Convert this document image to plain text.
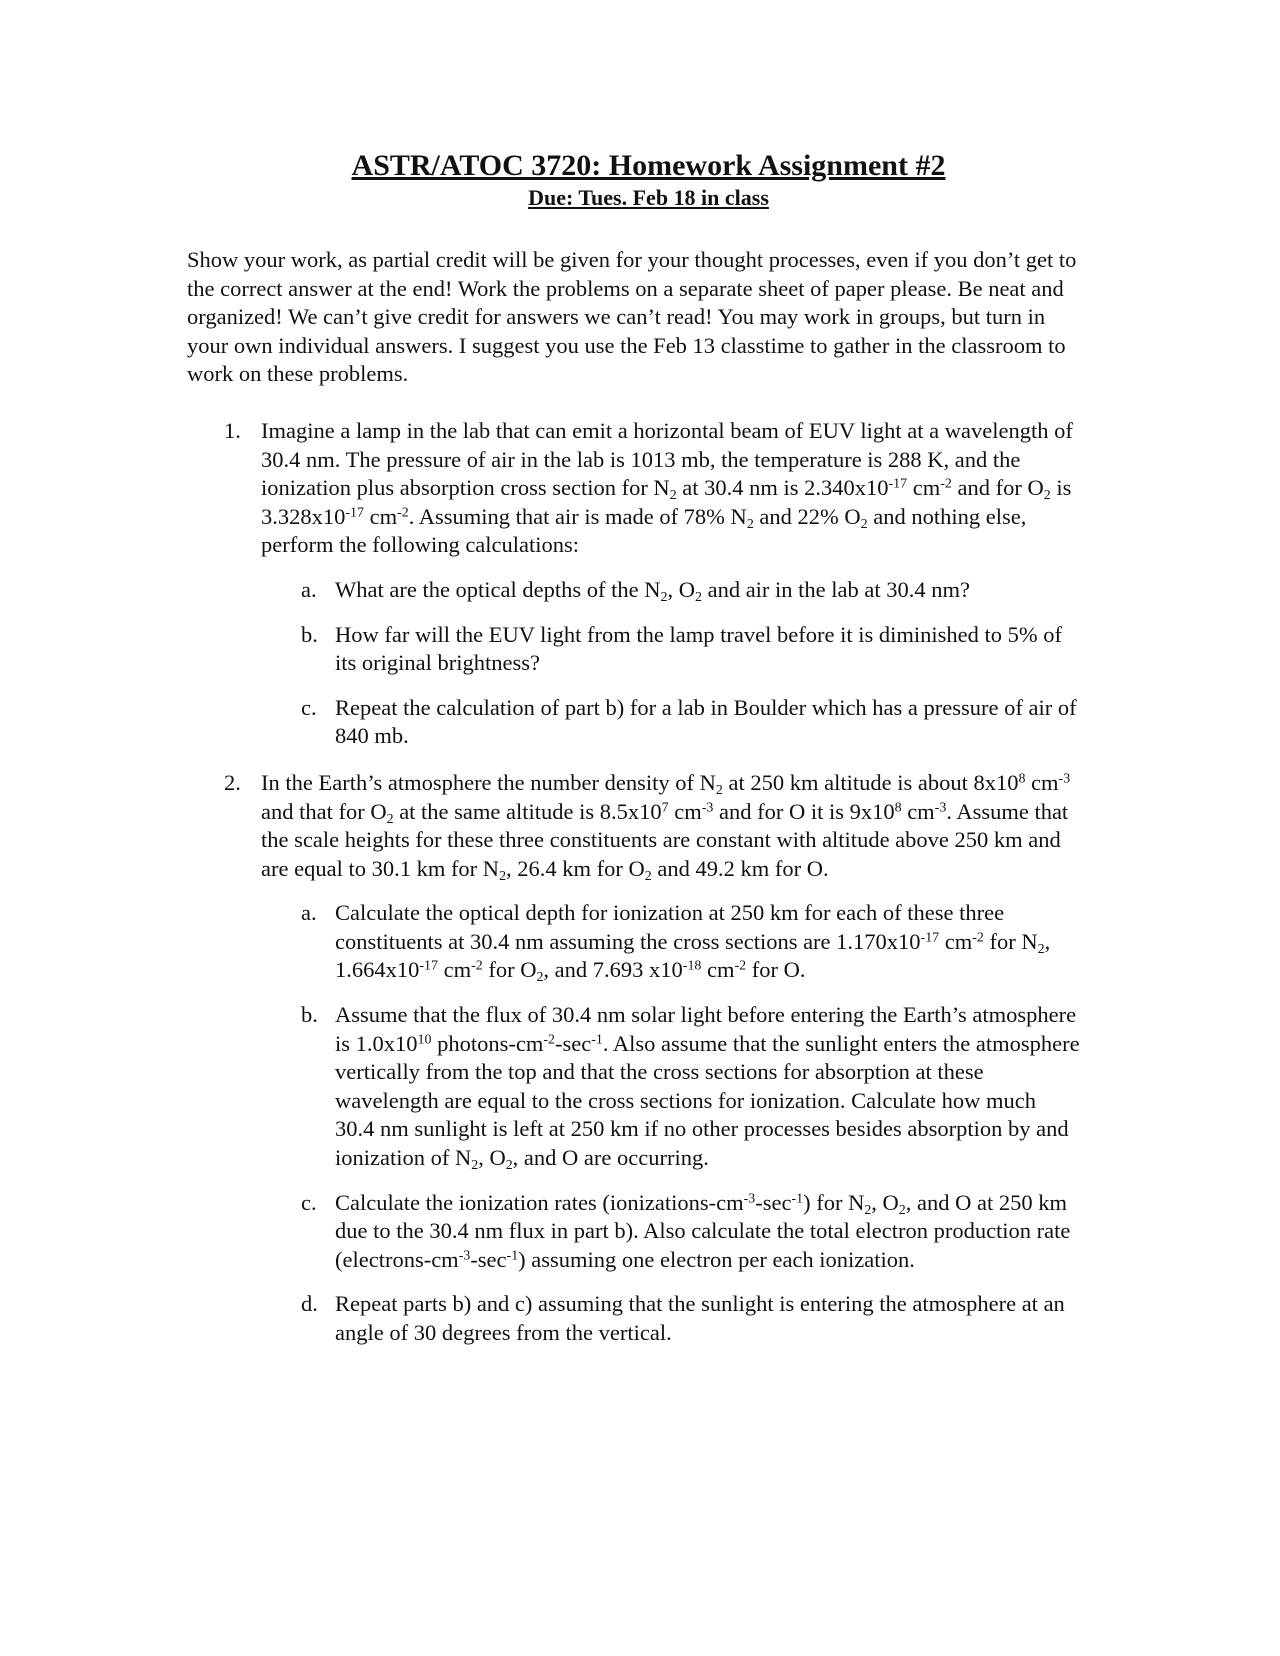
ASTR/ATOC 3720: Homework Assignment #2

Due: Tues. Feb 18 in class

Show your work, as partial credit will be given for your thought processes, even if you don’t get to the correct answer at the end! Work the problems on a separate sheet of paper please. Be neat and organized! We can’t give credit for answers we can’t read! You may work in groups, but turn in your own individual answers. I suggest you use the Feb 13 classtime to gather in the classroom to work on these problems.

1. Imagine a lamp in the lab that can emit a horizontal beam of EUV light at a wavelength of 30.4 nm. The pressure of air in the lab is 1013 mb, the temperature is 288 K, and the ionization plus absorption cross section for $N_2$ at 30.4 nm is $2.340x10^{-17}$ $cm^{-2}$ and for $O_2$ is $3.328x10^{-17}$ $cm^{-2}$. Assuming that air is made of 78% $N_2$ and 22% $O_2$ and nothing else, perform the following calculations:
a. What are the optical depths of the $N_2$, $O_2$ and air in the lab at 30.4 nm?
b. How far will the EUV light from the lamp travel before it is diminished to 5% of its original brightness?
c. Repeat the calculation of part b) for a lab in Boulder which has a pressure of air of 840 mb.
2. In the Earth’s atmosphere the number density of $N_2$ at 250 km altitude is about $8x10^8$ $cm^{-3}$ and that for $O_2$ at the same altitude is $8.5x10^7$ $cm^{-3}$ and for O it is $9x10^8$ $cm^{-3}$. Assume that the scale heights for these three constituents are constant with altitude above 250 km and are equal to 30.1 km for $N_2$, 26.4 km for $O_2$ and 49.2 km for O.
a. Calculate the optical depth for ionization at 250 km for each of these three constituents at 30.4 nm assuming the cross sections are $1.170x10^{-17}$ $cm^{-2}$ for $N_2$, $1.664x10^{-17}$ $cm^{-2}$ for $O_2$, and 7.693 $x10^{-18}$ $cm^{-2}$ for O.
b. Assume that the flux of 30.4 nm solar light before entering the Earth’s atmosphere is $1.0x10^{10}$ photons-$cm^{-2}-\sec^{-1}$. Also assume that the sunlight enters the atmosphere vertically from the top and that the cross sections for absorption at these wavelength are equal to the cross sections for ionization. Calculate how much 30.4 nm sunlight is left at 250 km if no other processes besides absorption by and ionization of $N_2$, $O_2$, and O are occurring.
c. Calculate the ionization rates $(ionizations-cm^{-3}-\sec^{-1})$ for $N_2$, $O_2$, and O at 250 km due to the 30.4 nm flux in part b). Also calculate the total electron production rate $(electrons-cm^{-3}-\sec^{-1})$ assuming one electron per each ionization.
d. Repeat parts b) and c) assuming that the sunlight is entering the atmosphere at an angle of 30 degrees from the vertical.
